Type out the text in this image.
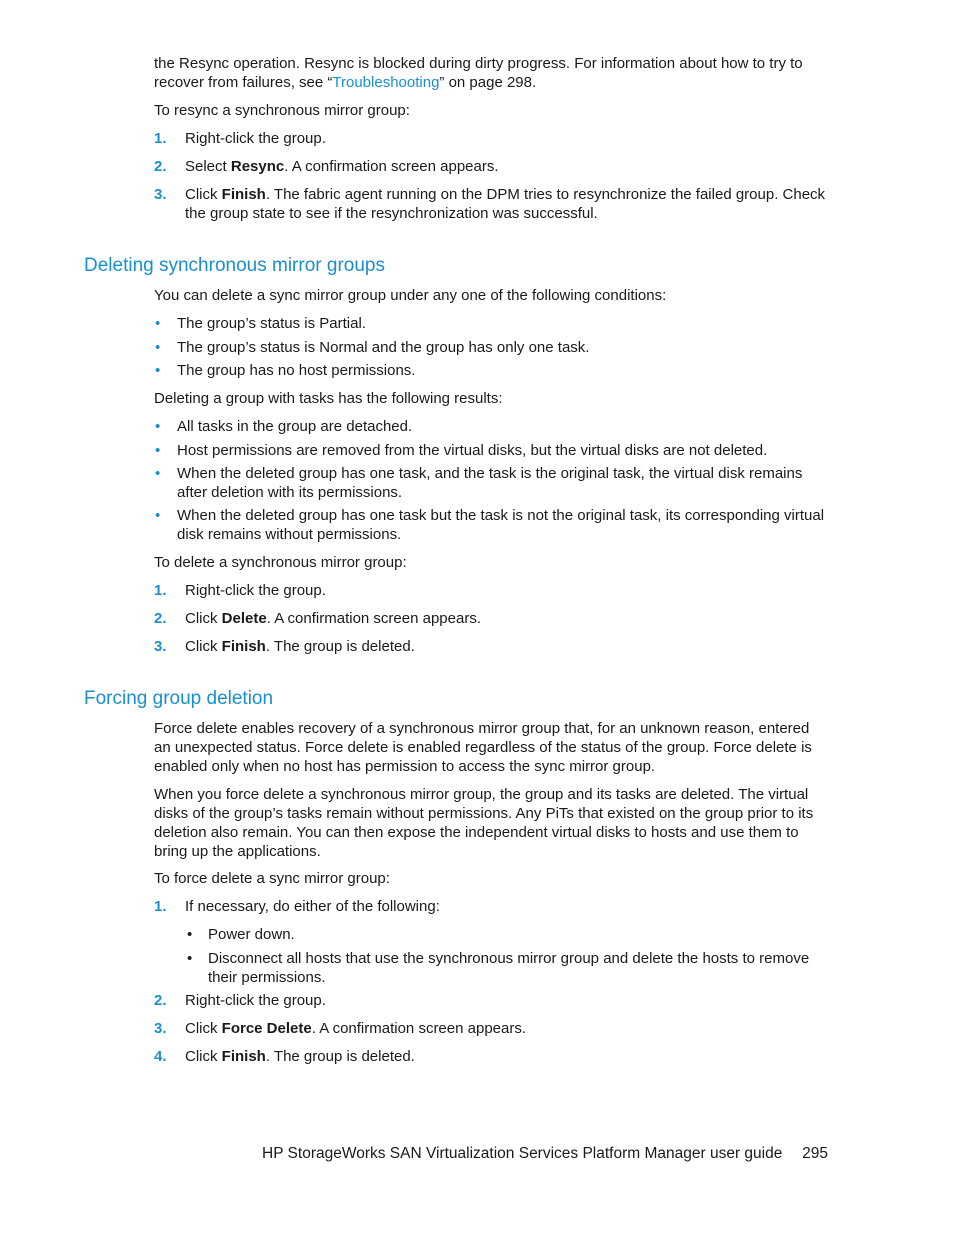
the Resync operation. Resync is blocked during dirty progress. For information about how to try to

recover from failures, see “Troubleshooting” on page 298.

To resync a synchronous mirror group:

1. Right-click the group.
2. Select Resync. A confirmation screen appears.
3. Click Finish. The fabric agent running on the DPM tries to resynchronize the failed group. Check the group state to see if the resynchronization was successful.
Deleting synchronous mirror groups

You can delete a sync mirror group under any one of the following conditions:

• The group’s status is Partial.
• The group’s status is Normal and the group has only one task.
• The group has no host permissions.

Deleting a group with tasks has the following results:

• All tasks in the group are detached.
• Host permissions are removed from the virtual disks, but the virtual disks are not deleted.
• When the deleted group has one task, and the task is the original task, the virtual disk remains after deletion with its permissions.
• When the deleted group has one task but the task is not the original task, its corresponding virtual disk remains without permissions.

To delete a synchronous mirror group:

1. Right-click the group.
2. Click Delete. A confirmation screen appears.
3. Click Finish. The group is deleted.
Forcing group deletion

Force delete enables recovery of a synchronous mirror group that, for an unknown reason, entered an unexpected status. Force delete is enabled regardless of the status of the group. Force delete is enabled only when no host has permission to access the sync mirror group.

When you force delete a synchronous mirror group, the group and its tasks are deleted. The virtual disks of the group’s tasks remain without permissions. Any PiTs that existed on the group prior to its deletion also remain. You can then expose the independent virtual disks to hosts and use them to bring up the applications.

To force delete a sync mirror group:

1. If necessary, do either of the following:
• Power down.
• Disconnect all hosts that use the synchronous mirror group and delete the hosts to remove their permissions.
2. Right-click the group.
3. Click Force Delete. A confirmation screen appears.
4. Click Finish. The group is deleted.
HP StorageWorks SAN Virtualization Services Platform Manager user guide 295
